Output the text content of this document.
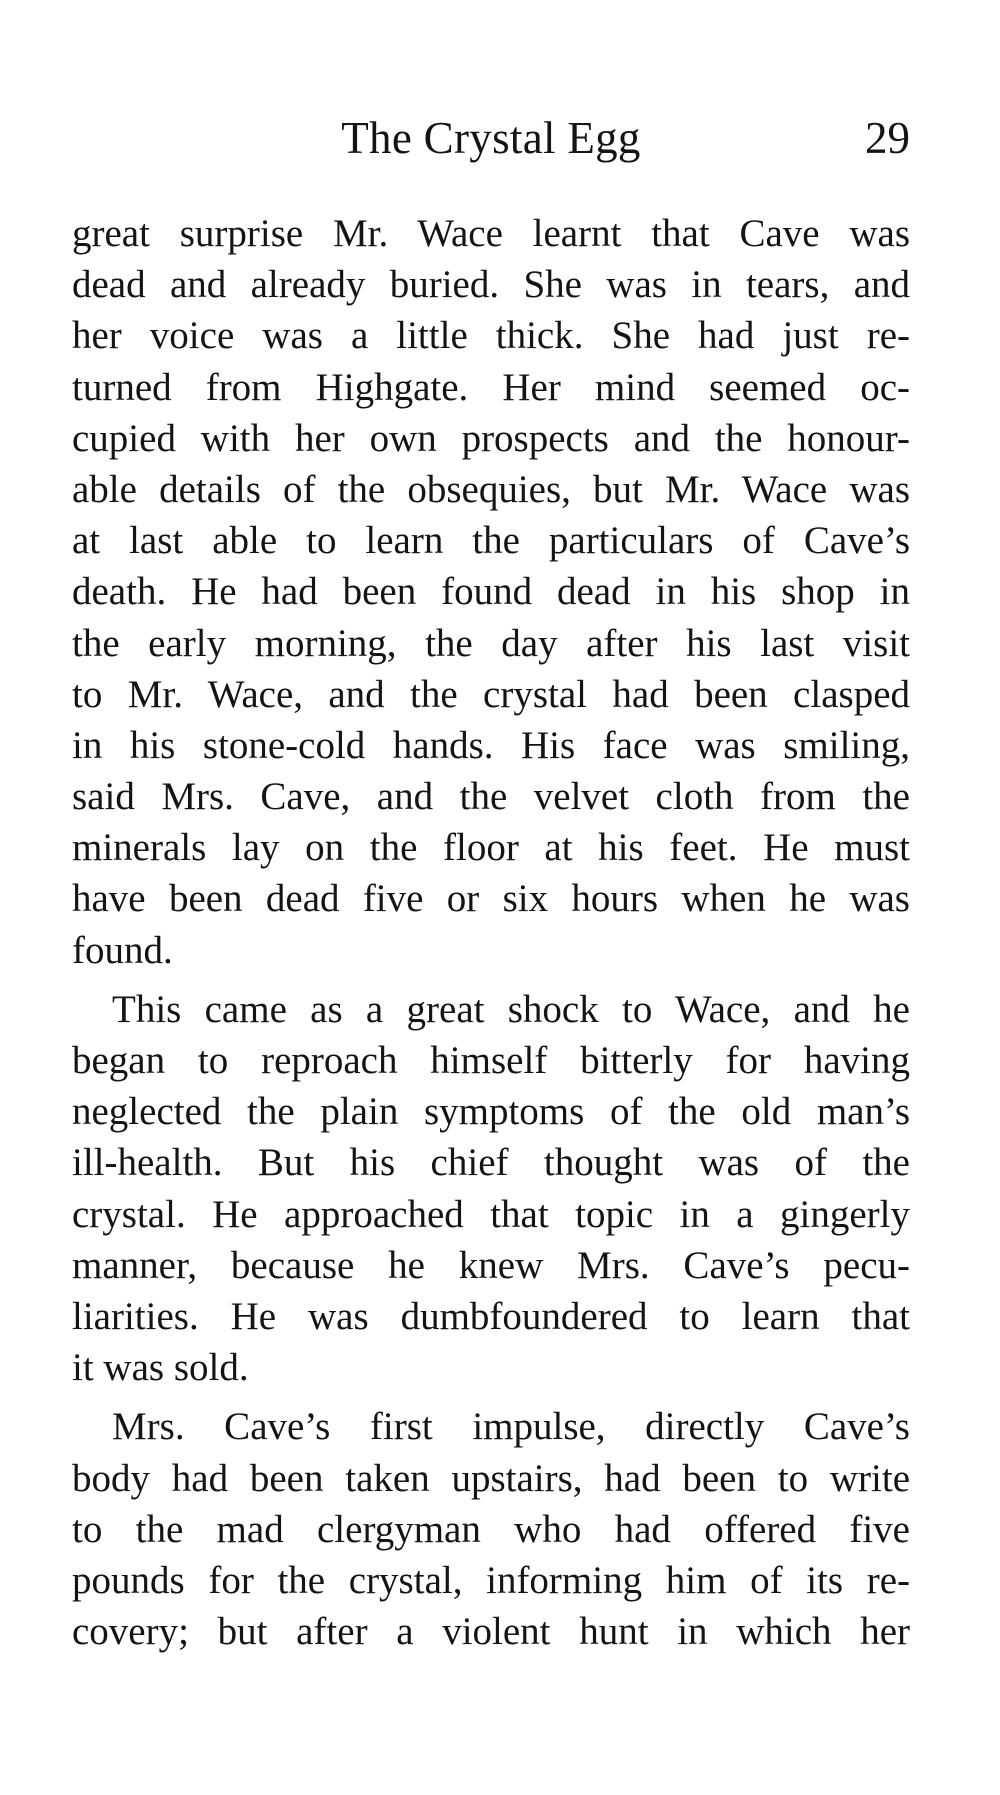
The Crystal Egg	29
great surprise Mr. Wace learnt that Cave was
dead and already buried. She was in tears, and
her voice was a little thick. She had just re-
turned from Highgate. Her mind seemed oc-
cupied with her own prospects and the honour-
able details of the obsequies, but Mr. Wace was
at last able to learn the particulars of Cave’s
death. He had been found dead in his shop in
the early morning, the day after his last visit
to Mr. Wace, and the crystal had been clasped
in his stone-cold hands. His face was smiling,
said Mrs. Cave, and the velvet cloth from the
minerals lay on the floor at his feet. He must
have been dead five or six hours when he was
found.
This came as a great shock to Wace, and he
began to reproach himself bitterly for having
neglected the plain symptoms of the old man’s
ill-health. But his chief thought was of the
crystal. He approached that topic in a gingerly
manner, because he knew Mrs. Cave’s pecu-
liarities. He was dumbfoundered to learn that
it was sold.
Mrs. Cave’s first impulse, directly Cave’s
body had been taken upstairs, had been to write
to the mad clergyman who had offered five
pounds for the crystal, informing him of its re-
covery; but after a violent hunt in which her
